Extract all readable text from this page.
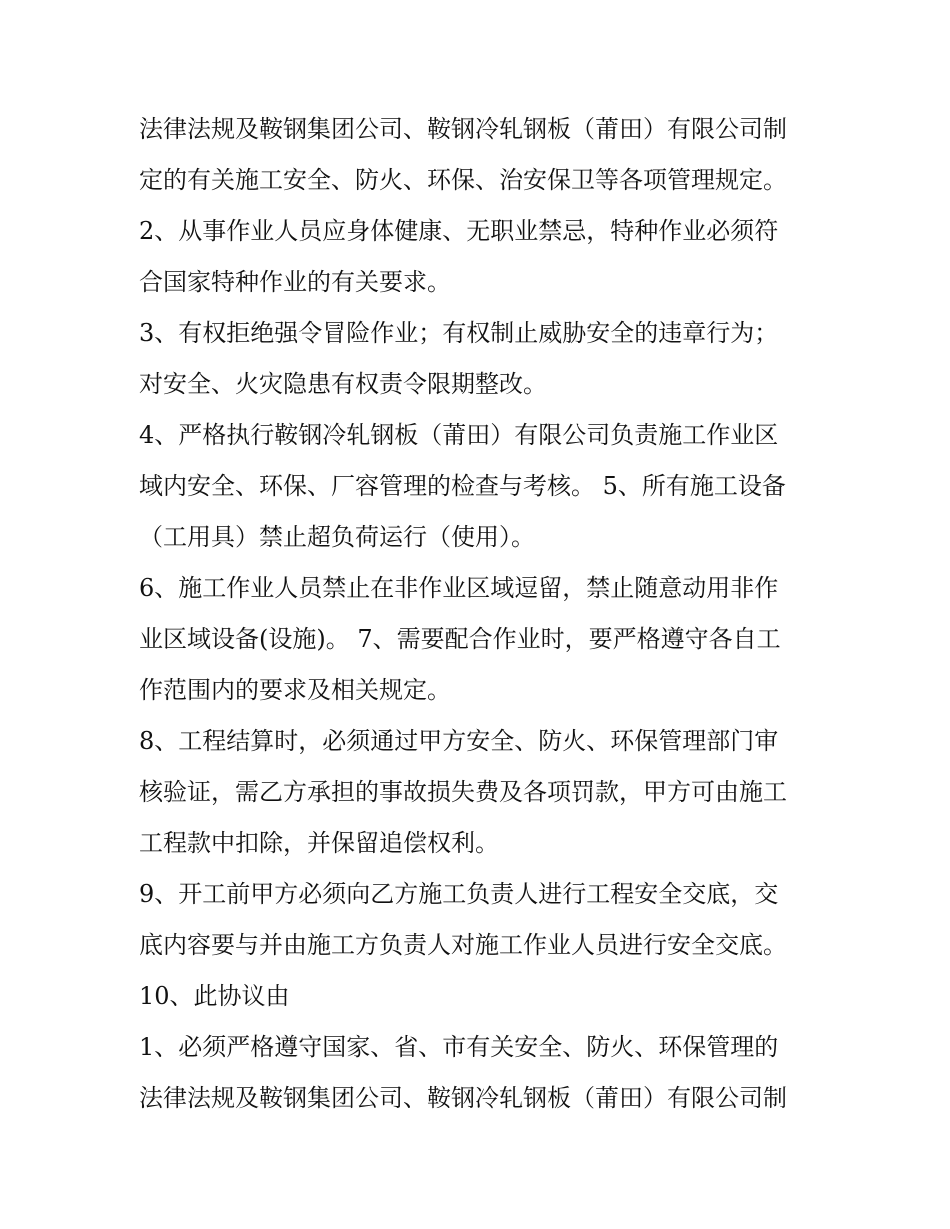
法律法规及鞍钢集团公司、鞍钢冷轧钢板（莆田）有限公司制
定的有关施工安全、防火、环保、治安保卫等各项管理规定。
2、从事作业人员应身体健康、无职业禁忌，特种作业必须符
合国家特种作业的有关要求。
3、有权拒绝强令冒险作业；有权制止威胁安全的违章行为；
对安全、火灾隐患有权责令限期整改。
4、严格执行鞍钢冷轧钢板（莆田）有限公司负责施工作业区
域内安全、环保、厂容管理的检查与考核。 5、所有施工设备
（工用具）禁止超负荷运行（使用）。
6、施工作业人员禁止在非作业区域逗留，禁止随意动用非作
业区域设备(设施)。 7、需要配合作业时，要严格遵守各自工
作范围内的要求及相关规定。
8、工程结算时，必须通过甲方安全、防火、环保管理部门审
核验证，需乙方承担的事故损失费及各项罚款，甲方可由施工
工程款中扣除，并保留追偿权利。
9、开工前甲方必须向乙方施工负责人进行工程安全交底，交
底内容要与并由施工方负责人对施工作业人员进行安全交底。
10、此协议由
1、必须严格遵守国家、省、市有关安全、防火、环保管理的
法律法规及鞍钢集团公司、鞍钢冷轧钢板（莆田）有限公司制
